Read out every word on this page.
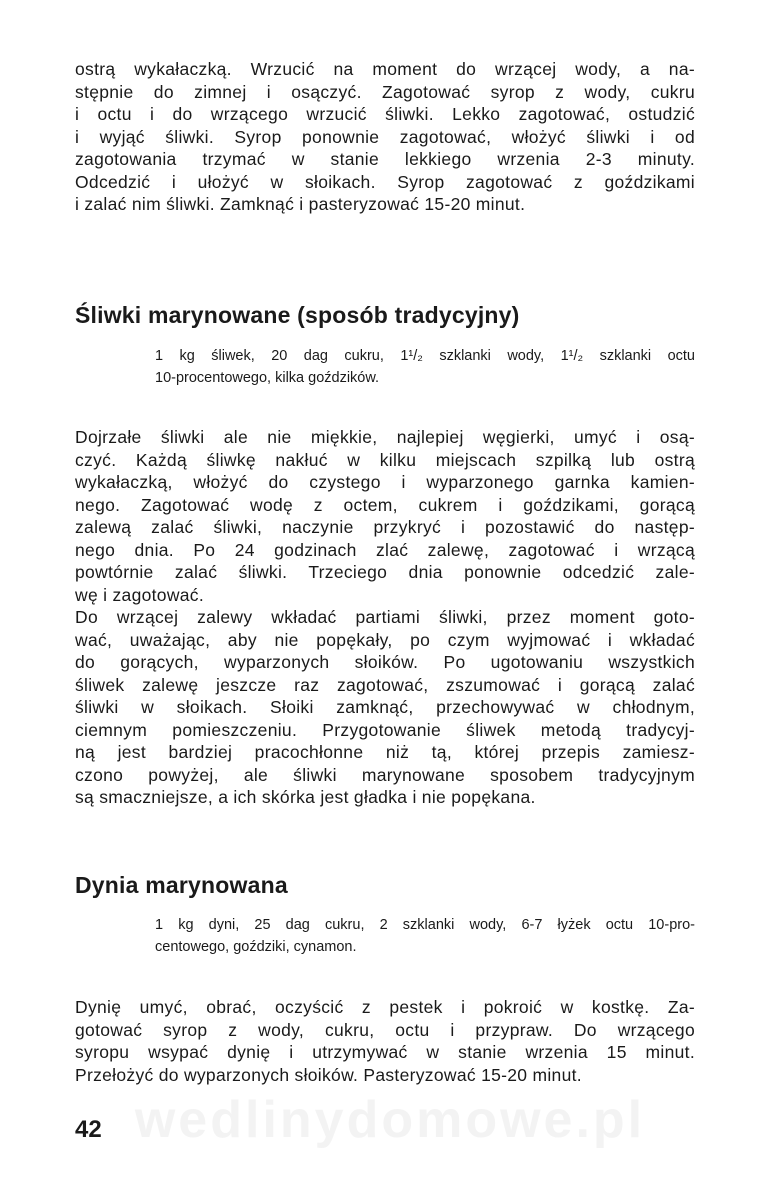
wedlinydomowe.pl
ostrą wykałaczką. Wrzucić na moment do wrzącej wody, a na-
stępnie do zimnej i osączyć. Zagotować syrop z wody, cukru
i octu i do wrzącego wrzucić śliwki. Lekko zagotować, ostudzić
i wyjąć śliwki. Syrop ponownie zagotować, włożyć śliwki i od
zagotowania trzymać w stanie lekkiego wrzenia 2-3 minuty.
Odcedzić i ułożyć w słoikach. Syrop zagotować z goździkami
i zalać nim śliwki. Zamknąć i pasteryzować 15-20 minut.
Śliwki marynowane (sposób tradycyjny)
1 kg śliwek, 20 dag cukru, 1¹/₂ szklanki wody, 1¹/₂ szklanki octu
10-procentowego, kilka goździków.
Dojrzałe śliwki ale nie miękkie, najlepiej węgierki, umyć i osą-
czyć. Każdą śliwkę nakłuć w kilku miejscach szpilką lub ostrą
wykałaczką, włożyć do czystego i wyparzonego garnka kamien-
nego. Zagotować wodę z octem, cukrem i goździkami, gorącą
zalewą zalać śliwki, naczynie przykryć i pozostawić do następ-
nego dnia. Po 24 godzinach zlać zalewę, zagotować i wrzącą
powtórnie zalać śliwki. Trzeciego dnia ponownie odcedzić zale-
wę i zagotować.
Do wrzącej zalewy wkładać partiami śliwki, przez moment goto-
wać, uważając, aby nie popękały, po czym wyjmować i wkładać
do gorących, wyparzonych słoików. Po ugotowaniu wszystkich
śliwek zalewę jeszcze raz zagotować, zszumować i gorącą zalać
śliwki w słoikach. Słoiki zamknąć, przechowywać w chłodnym,
ciemnym pomieszczeniu. Przygotowanie śliwek metodą tradycyj-
ną jest bardziej pracochłonne niż tą, której przepis zamiesz-
czono powyżej, ale śliwki marynowane sposobem tradycyjnym
są smaczniejsze, a ich skórka jest gładka i nie popękana.
Dynia marynowana
1 kg dyni, 25 dag cukru, 2 szklanki wody, 6-7 łyżek octu 10-pro-
centowego, goździki, cynamon.
Dynię umyć, obrać, oczyścić z pestek i pokroić w kostkę. Za-
gotować syrop z wody, cukru, octu i przypraw. Do wrzącego
syropu wsypać dynię i utrzymywać w stanie wrzenia 15 minut.
Przełożyć do wyparzonych słoików. Pasteryzować 15-20 minut.
42
